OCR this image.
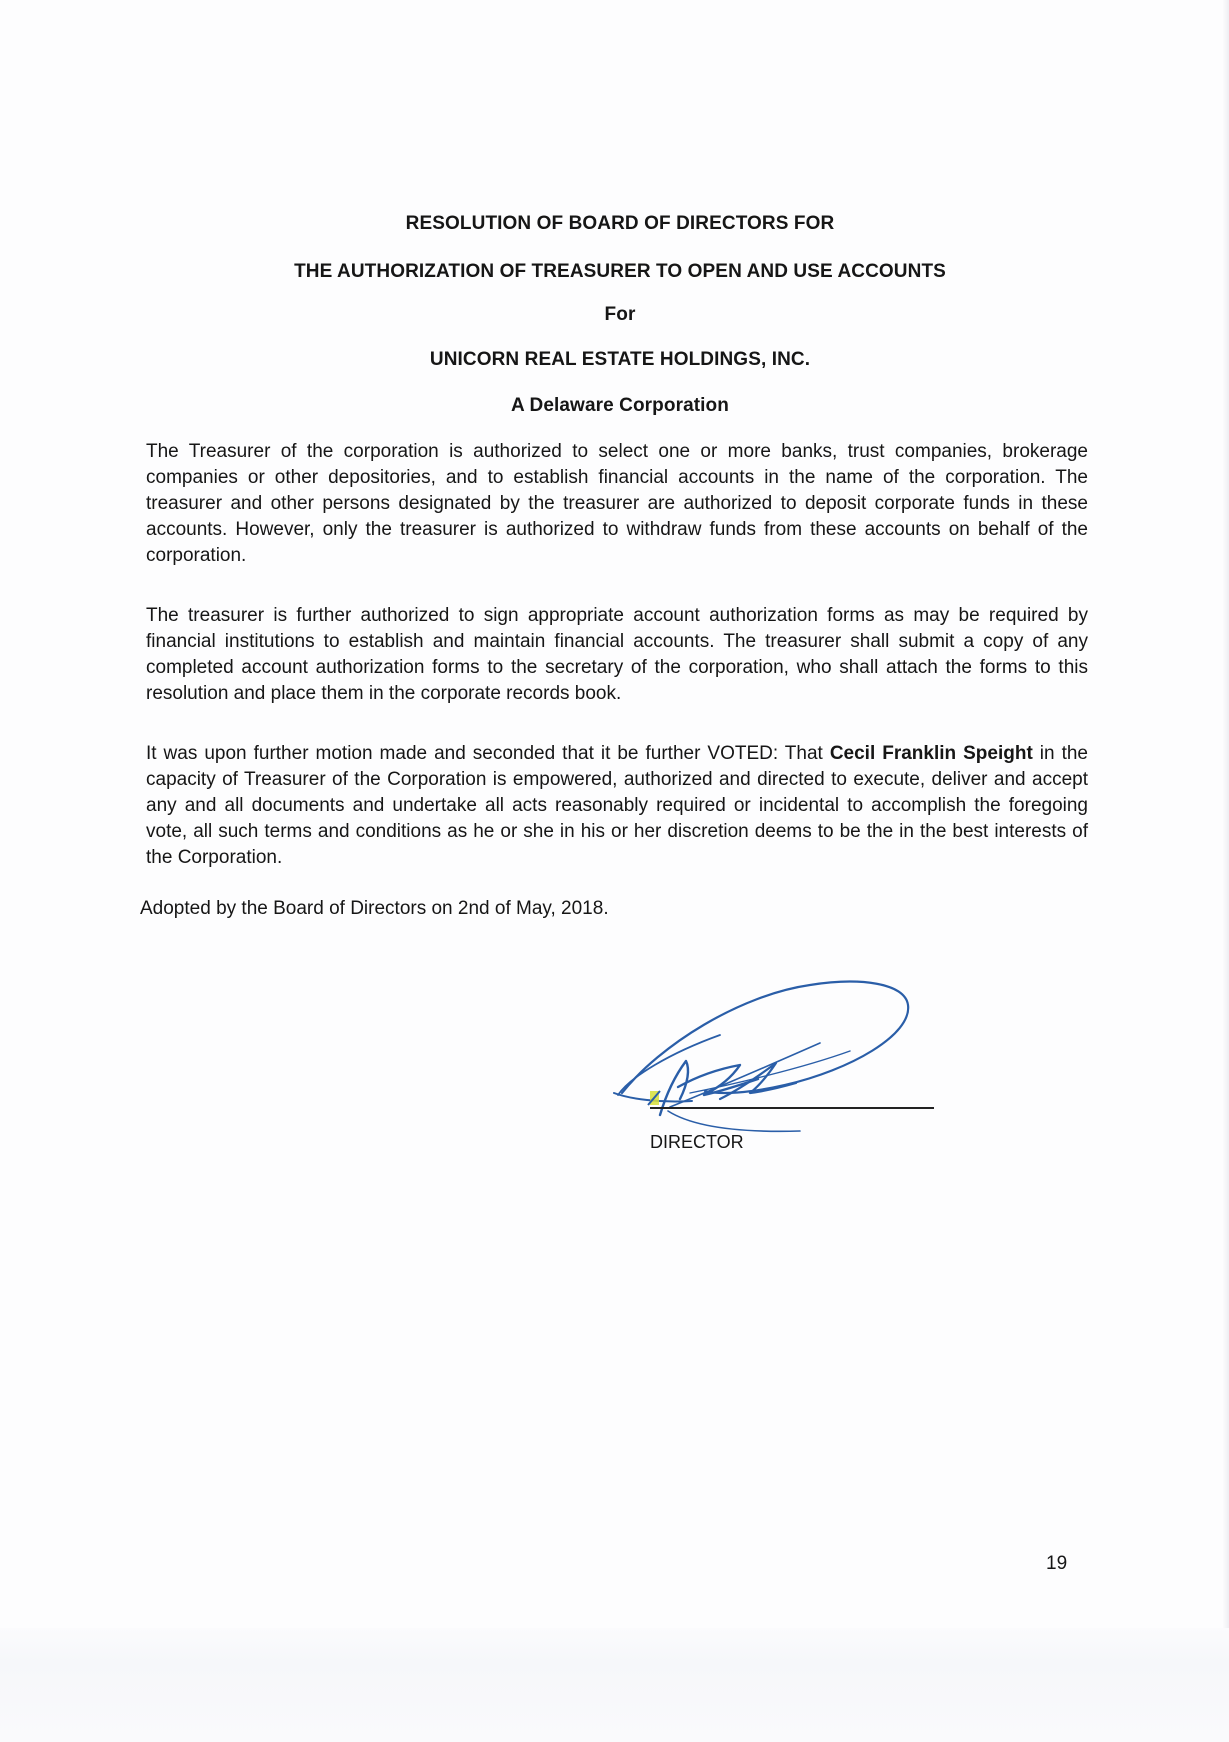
RESOLUTION OF BOARD OF DIRECTORS FOR
THE AUTHORIZATION OF TREASURER TO OPEN AND USE ACCOUNTS
For
UNICORN REAL ESTATE HOLDINGS, INC.
A Delaware Corporation

The Treasurer of the corporation is authorized to select one or more banks, trust companies, brokerage companies or other depositories, and to establish financial accounts in the name of the corporation. The treasurer and other persons designated by the treasurer are authorized to deposit corporate funds in these accounts. However, only the treasurer is authorized to withdraw funds from these accounts on behalf of the corporation.

The treasurer is further authorized to sign appropriate account authorization forms as may be required by financial institutions to establish and maintain financial accounts. The treasurer shall submit a copy of any completed account authorization forms to the secretary of the corporation, who shall attach the forms to this resolution and place them in the corporate records book.

It was upon further motion made and seconded that it be further VOTED: That Cecil Franklin Speight in the capacity of Treasurer of the Corporation is empowered, authorized and directed to execute, deliver and accept any and all documents and undertake all acts reasonably required or incidental to accomplish the foregoing vote, all such terms and conditions as he or she in his or her discretion deems to be the in the best interests of the Corporation.

Adopted by the Board of Directors on 2nd of May, 2018.
DIRECTOR
19
